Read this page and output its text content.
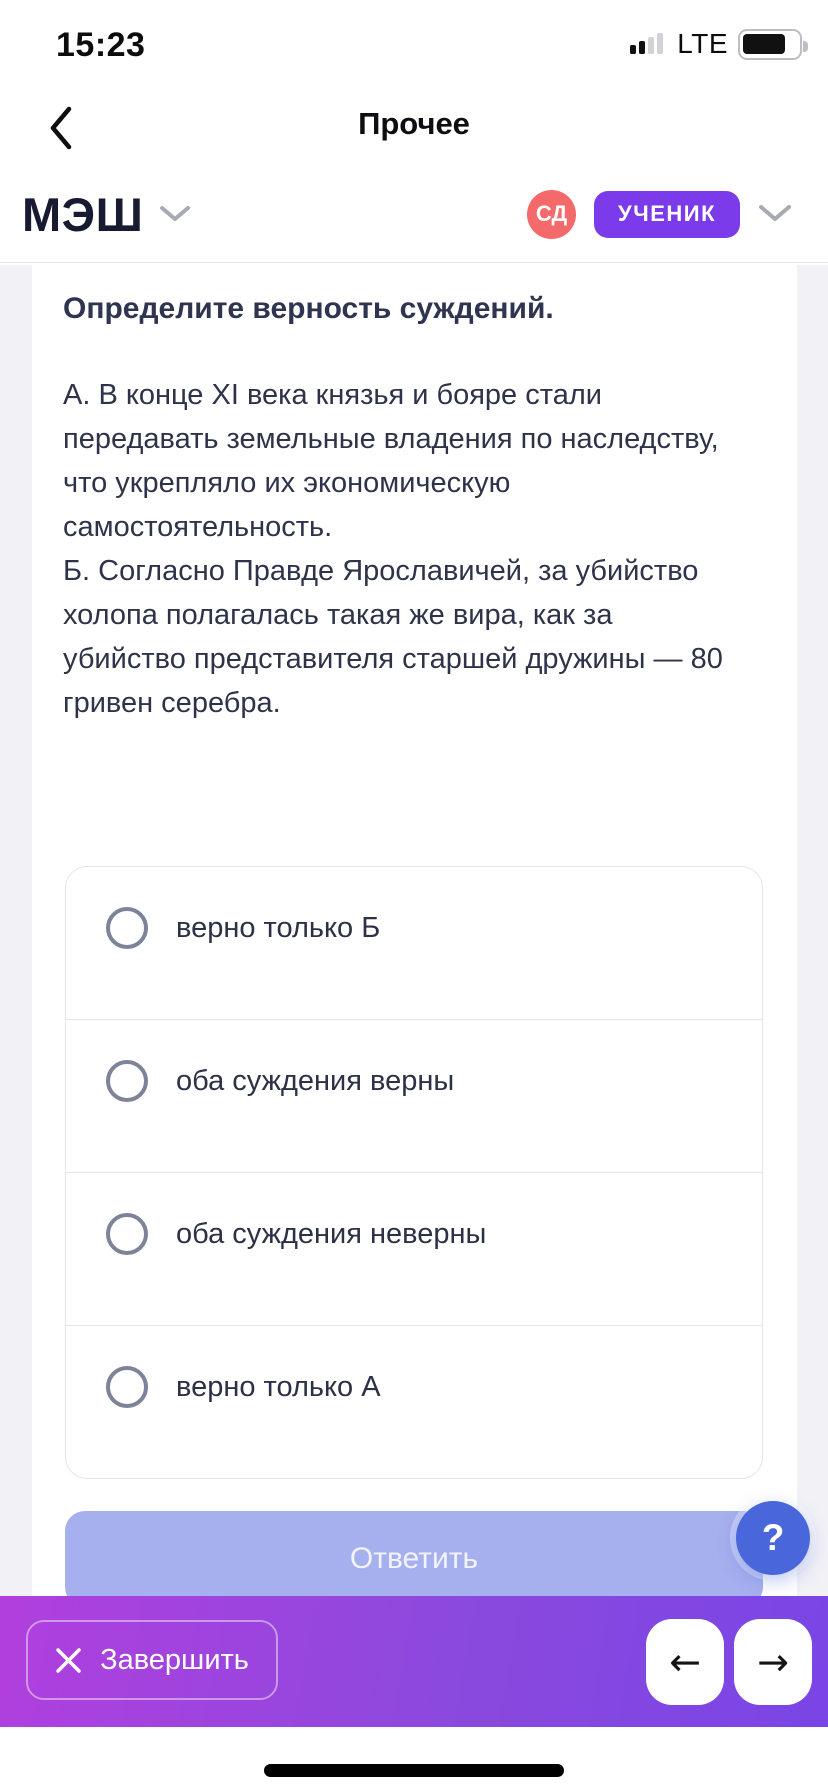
15:23	LTE
Прочее
МЭШ	СД	УЧЕНИК
Определите верность суждений.
А. В конце XI века князья и бояре стали
передавать земельные владения по наследству,
что укрепляло их экономическую
самостоятельность.
Б. Согласно Правде Ярославичей, за убийство
холопа полагалась такая же вира, как за
убийство представителя старшей дружины — 80
гривен серебра.
верно только Б
оба суждения верны
оба суждения неверны
верно только А
Ответить	?
Завершить	← →
